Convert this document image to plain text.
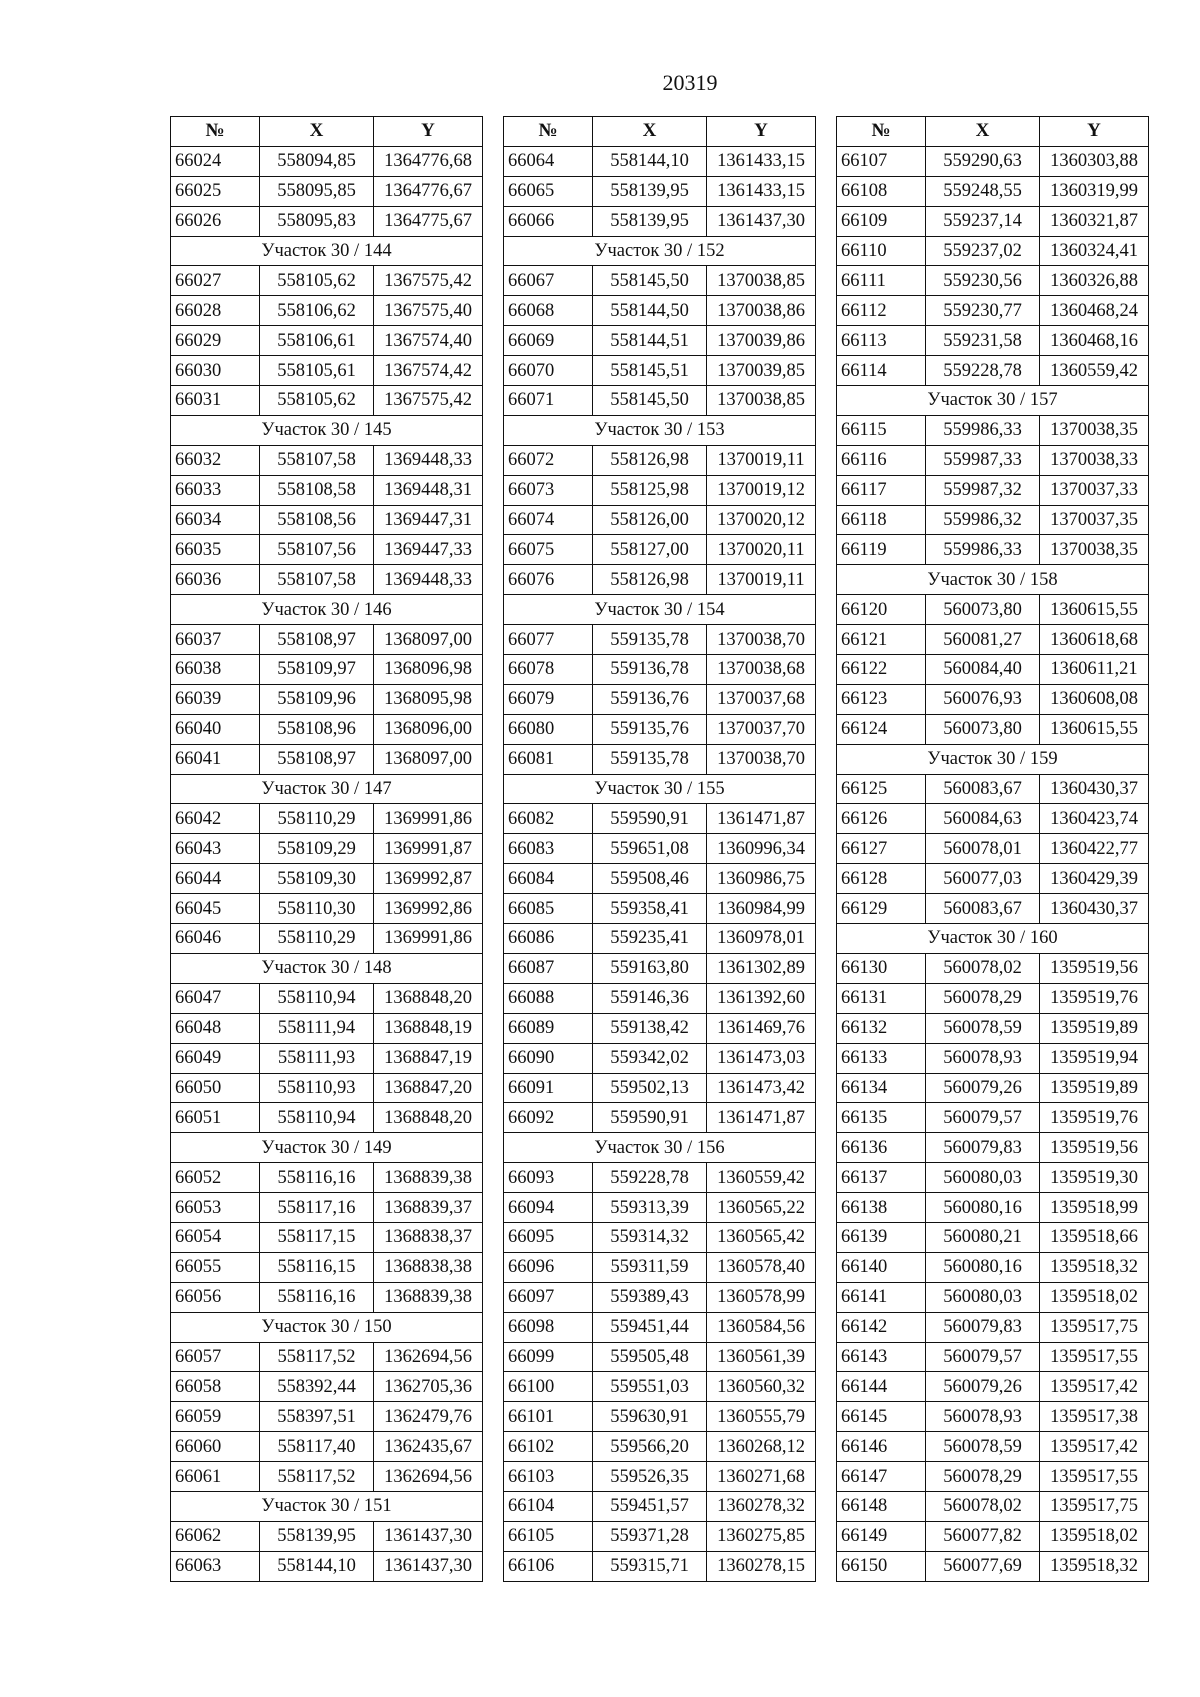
20319
№	X	Y
66024	558094,85	1364776,68
66025	558095,85	1364776,67
66026	558095,83	1364775,67
Участок 30 / 144		
66027	558105,62	1367575,42
66028	558106,62	1367575,40
66029	558106,61	1367574,40
66030	558105,61	1367574,42
66031	558105,62	1367575,42
Участок 30 / 145		
66032	558107,58	1369448,33
66033	558108,58	1369448,31
66034	558108,56	1369447,31
66035	558107,56	1369447,33
66036	558107,58	1369448,33
Участок 30 / 146		
66037	558108,97	1368097,00
66038	558109,97	1368096,98
66039	558109,96	1368095,98
66040	558108,96	1368096,00
66041	558108,97	1368097,00
Участок 30 / 147		
66042	558110,29	1369991,86
66043	558109,29	1369991,87
66044	558109,30	1369992,87
66045	558110,30	1369992,86
66046	558110,29	1369991,86
Участок 30 / 148		
66047	558110,94	1368848,20
66048	558111,94	1368848,19
66049	558111,93	1368847,19
66050	558110,93	1368847,20
66051	558110,94	1368848,20
Участок 30 / 149		
66052	558116,16	1368839,38
66053	558117,16	1368839,37
66054	558117,15	1368838,37
66055	558116,15	1368838,38
66056	558116,16	1368839,38
Участок 30 / 150		
66057	558117,52	1362694,56
66058	558392,44	1362705,36
66059	558397,51	1362479,76
66060	558117,40	1362435,67
66061	558117,52	1362694,56
Участок 30 / 151		
66062	558139,95	1361437,30
66063	558144,10	1361437,30
№	X	Y
66064	558144,10	1361433,15
66065	558139,95	1361433,15
66066	558139,95	1361437,30
Участок 30 / 152		
66067	558145,50	1370038,85
66068	558144,50	1370038,86
66069	558144,51	1370039,86
66070	558145,51	1370039,85
66071	558145,50	1370038,85
Участок 30 / 153		
66072	558126,98	1370019,11
66073	558125,98	1370019,12
66074	558126,00	1370020,12
66075	558127,00	1370020,11
66076	558126,98	1370019,11
Участок 30 / 154		
66077	559135,78	1370038,70
66078	559136,78	1370038,68
66079	559136,76	1370037,68
66080	559135,76	1370037,70
66081	559135,78	1370038,70
Участок 30 / 155		
66082	559590,91	1361471,87
66083	559651,08	1360996,34
66084	559508,46	1360986,75
66085	559358,41	1360984,99
66086	559235,41	1360978,01
66087	559163,80	1361302,89
66088	559146,36	1361392,60
66089	559138,42	1361469,76
66090	559342,02	1361473,03
66091	559502,13	1361473,42
66092	559590,91	1361471,87
Участок 30 / 156		
66093	559228,78	1360559,42
66094	559313,39	1360565,22
66095	559314,32	1360565,42
66096	559311,59	1360578,40
66097	559389,43	1360578,99
66098	559451,44	1360584,56
66099	559505,48	1360561,39
66100	559551,03	1360560,32
66101	559630,91	1360555,79
66102	559566,20	1360268,12
66103	559526,35	1360271,68
66104	559451,57	1360278,32
66105	559371,28	1360275,85
66106	559315,71	1360278,15
№	X	Y
66107	559290,63	1360303,88
66108	559248,55	1360319,99
66109	559237,14	1360321,87
66110	559237,02	1360324,41
66111	559230,56	1360326,88
66112	559230,77	1360468,24
66113	559231,58	1360468,16
66114	559228,78	1360559,42
Участок 30 / 157		
66115	559986,33	1370038,35
66116	559987,33	1370038,33
66117	559987,32	1370037,33
66118	559986,32	1370037,35
66119	559986,33	1370038,35
Участок 30 / 158		
66120	560073,80	1360615,55
66121	560081,27	1360618,68
66122	560084,40	1360611,21
66123	560076,93	1360608,08
66124	560073,80	1360615,55
Участок 30 / 159		
66125	560083,67	1360430,37
66126	560084,63	1360423,74
66127	560078,01	1360422,77
66128	560077,03	1360429,39
66129	560083,67	1360430,37
Участок 30 / 160		
66130	560078,02	1359519,56
66131	560078,29	1359519,76
66132	560078,59	1359519,89
66133	560078,93	1359519,94
66134	560079,26	1359519,89
66135	560079,57	1359519,76
66136	560079,83	1359519,56
66137	560080,03	1359519,30
66138	560080,16	1359518,99
66139	560080,21	1359518,66
66140	560080,16	1359518,32
66141	560080,03	1359518,02
66142	560079,83	1359517,75
66143	560079,57	1359517,55
66144	560079,26	1359517,42
66145	560078,93	1359517,38
66146	560078,59	1359517,42
66147	560078,29	1359517,55
66148	560078,02	1359517,75
66149	560077,82	1359518,02
66150	560077,69	1359518,32
